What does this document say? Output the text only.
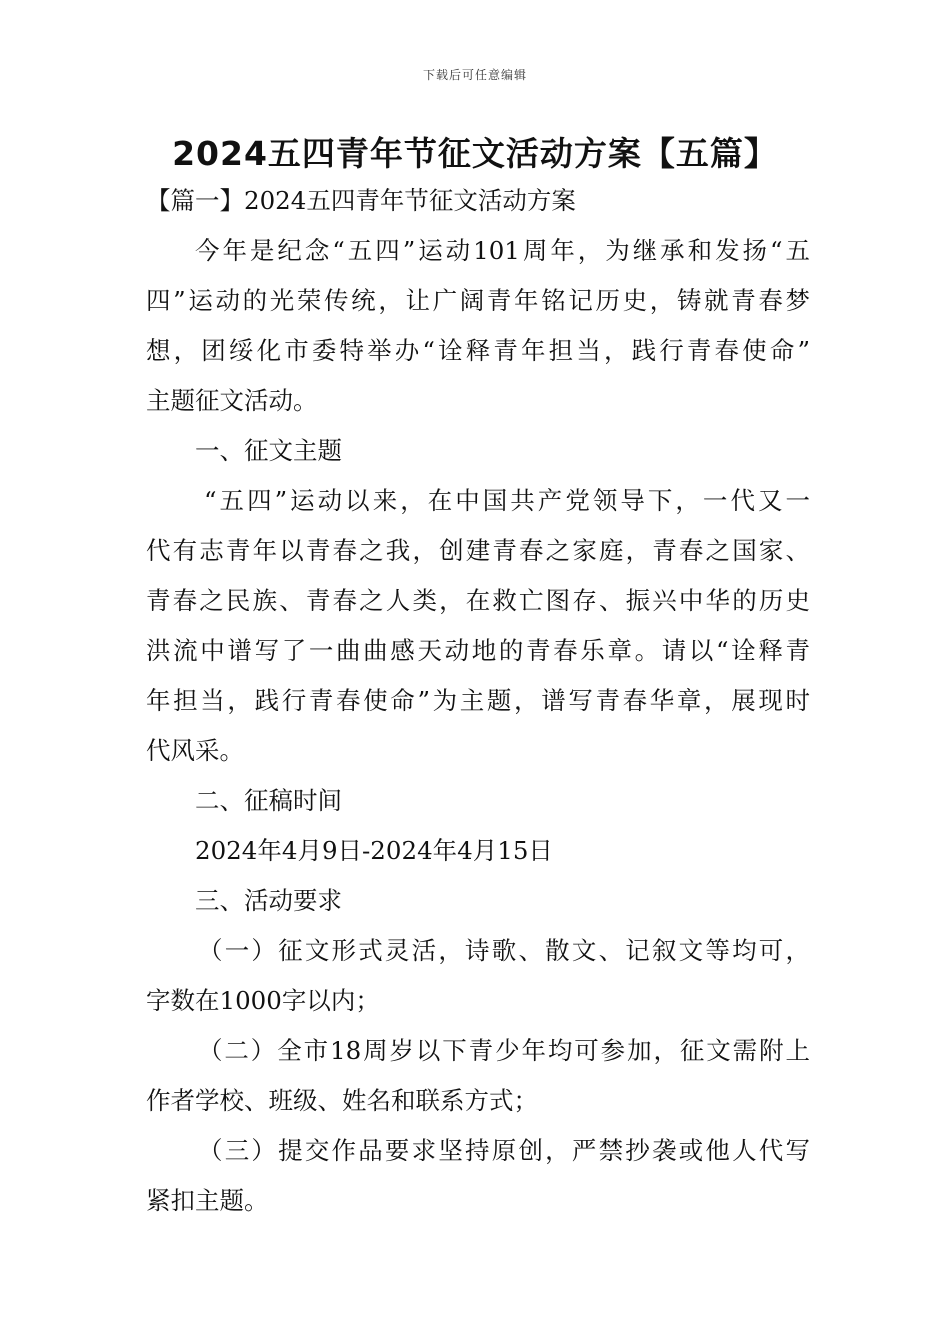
下载后可任意编辑
2024五四青年节征文活动方案【五篇】
【篇一】2024五四青年节征文活动方案
今年是纪念“五四”运动101周年，为继承和发扬“五
四”运动的光荣传统，让广阔青年铭记历史，铸就青春梦
想，团绥化市委特举办“诠释青年担当，践行青春使命”
主题征文活动。
一、征文主题
“五四”运动以来，在中国共产党领导下，一代又一
代有志青年以青春之我，创建青春之家庭，青春之国家、
青春之民族、青春之人类，在救亡图存、振兴中华的历史
洪流中谱写了一曲曲感天动地的青春乐章。请以“诠释青
年担当，践行青春使命”为主题，谱写青春华章，展现时
代风采。
二、征稿时间
2024年4月9日-2024年4月15日
三、活动要求
（一）征文形式灵活，诗歌、散文、记叙文等均可，
字数在1000字以内；
（二）全市18周岁以下青少年均可参加，征文需附上
作者学校、班级、姓名和联系方式；
（三）提交作品要求坚持原创，严禁抄袭或他人代写
紧扣主题。
